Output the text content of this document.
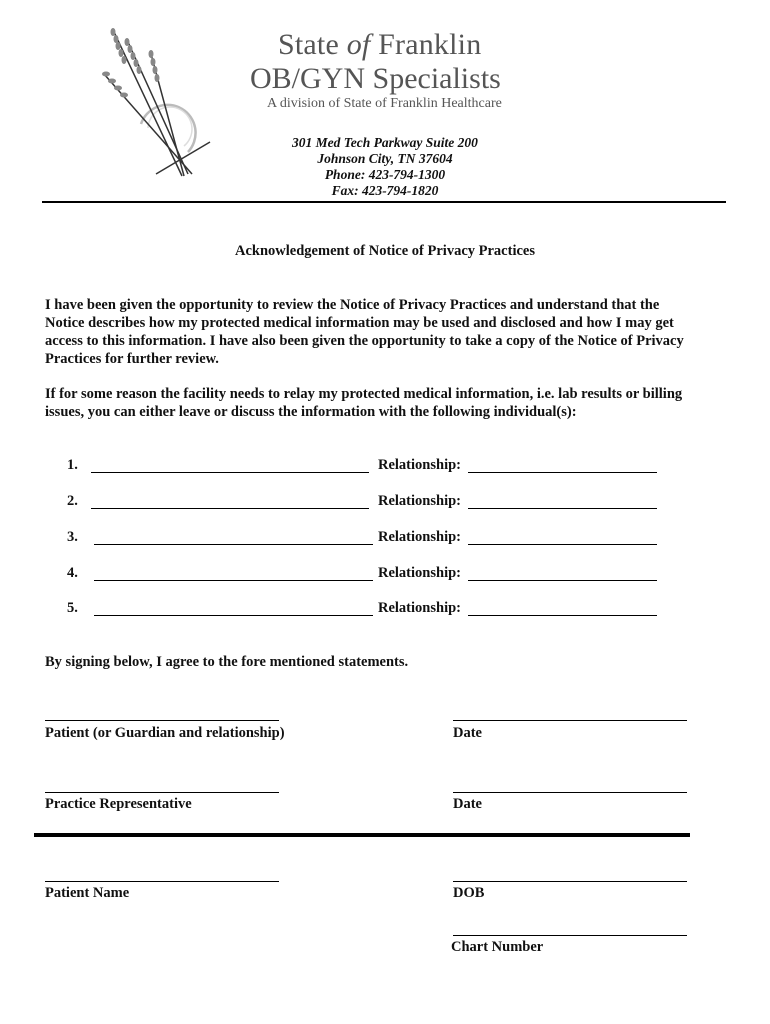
State of Franklin
OB/GYN Specialists
A division of State of Franklin Healthcare
301 Med Tech Parkway Suite 200
Johnson City, TN 37604
Phone: 423-794-1300
Fax: 423-794-1820
Acknowledgement of Notice of Privacy Practices
I have been given the opportunity to review the Notice of Privacy Practices and understand that the
Notice describes how my protected medical information may be used and disclosed and how I may get
access to this information. I have also been given the opportunity to take a copy of the Notice of Privacy
Practices for further review.
If for some reason the facility needs to relay my protected medical information, i.e. lab results or billing
issues, you can either leave or discuss the information with the following individual(s):
1.	Relationship:
2.	Relationship:
3.	Relationship:
4.	Relationship:
5.	Relationship:
By signing below, I agree to the fore mentioned statements.
Patient (or Guardian and relationship)	Date
Practice Representative	Date
Patient Name	DOB
Chart Number
